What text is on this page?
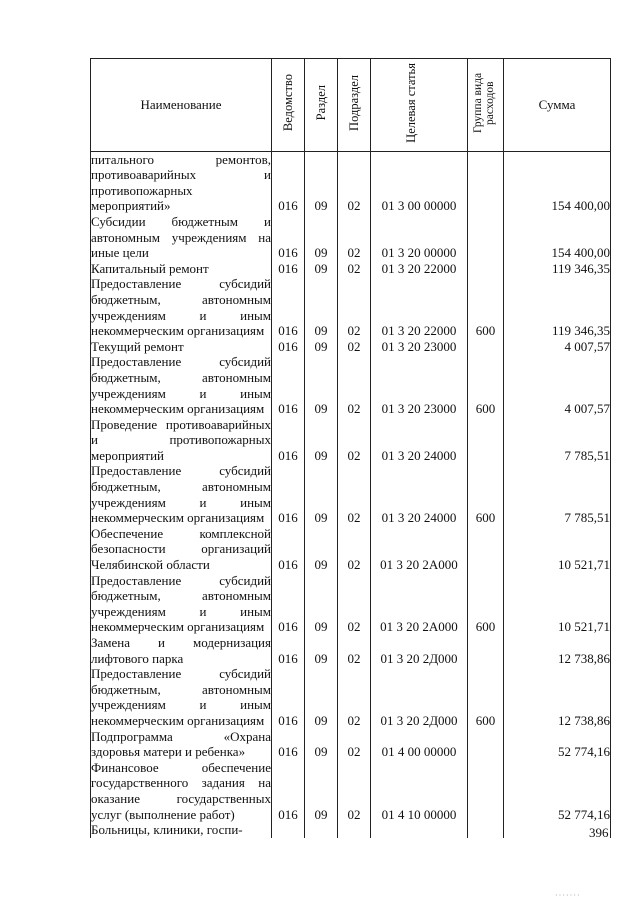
Наименование	Ведомство	Раздел	Подраздел	Целевая статья	Группа вида расходов	Сумма
питального ремонтов, противоаварийных и противопожарных мероприятий»	016	09	02	01 3 00 00000		154 400,00
Субсидии бюджетным и автономным учреждениям на иные цели	016	09	02	01 3 20 00000		154 400,00
Капитальный ремонт	016	09	02	01 3 20 22000		119 346,35
Предоставление субсидий бюджетным, автономным учреждениям и иным некоммерческим организациям	016	09	02	01 3 20 22000	600	119 346,35
Текущий ремонт	016	09	02	01 3 20 23000		4 007,57
Предоставление субсидий бюджетным, автономным учреждениям и иным некоммерческим организациям	016	09	02	01 3 20 23000	600	4 007,57
Проведение противоаварийных и противопожарных мероприятий	016	09	02	01 3 20 24000		7 785,51
Предоставление субсидий бюджетным, автономным учреждениям и иным некоммерческим организациям	016	09	02	01 3 20 24000	600	7 785,51
Обеспечение комплексной безопасности организаций Челябинской области	016	09	02	01 3 20 2А000		10 521,71
Предоставление субсидий бюджетным, автономным учреждениям и иным некоммерческим организациям	016	09	02	01 3 20 2А000	600	10 521,71
Замена и модернизация лифтового парка	016	09	02	01 3 20 2Д000		12 738,86
Предоставление субсидий бюджетным, автономным учреждениям и иным некоммерческим организациям	016	09	02	01 3 20 2Д000	600	12 738,86
Подпрограмма «Охрана здоровья матери и ребенка»	016	09	02	01 4 00 00000		52 774,16
Финансовое обеспечение государственного задания на оказание государственных услуг (выполнение работ)	016	09	02	01 4 10 00000		52 774,16
Больницы, клиники, госпи-							396
·······
